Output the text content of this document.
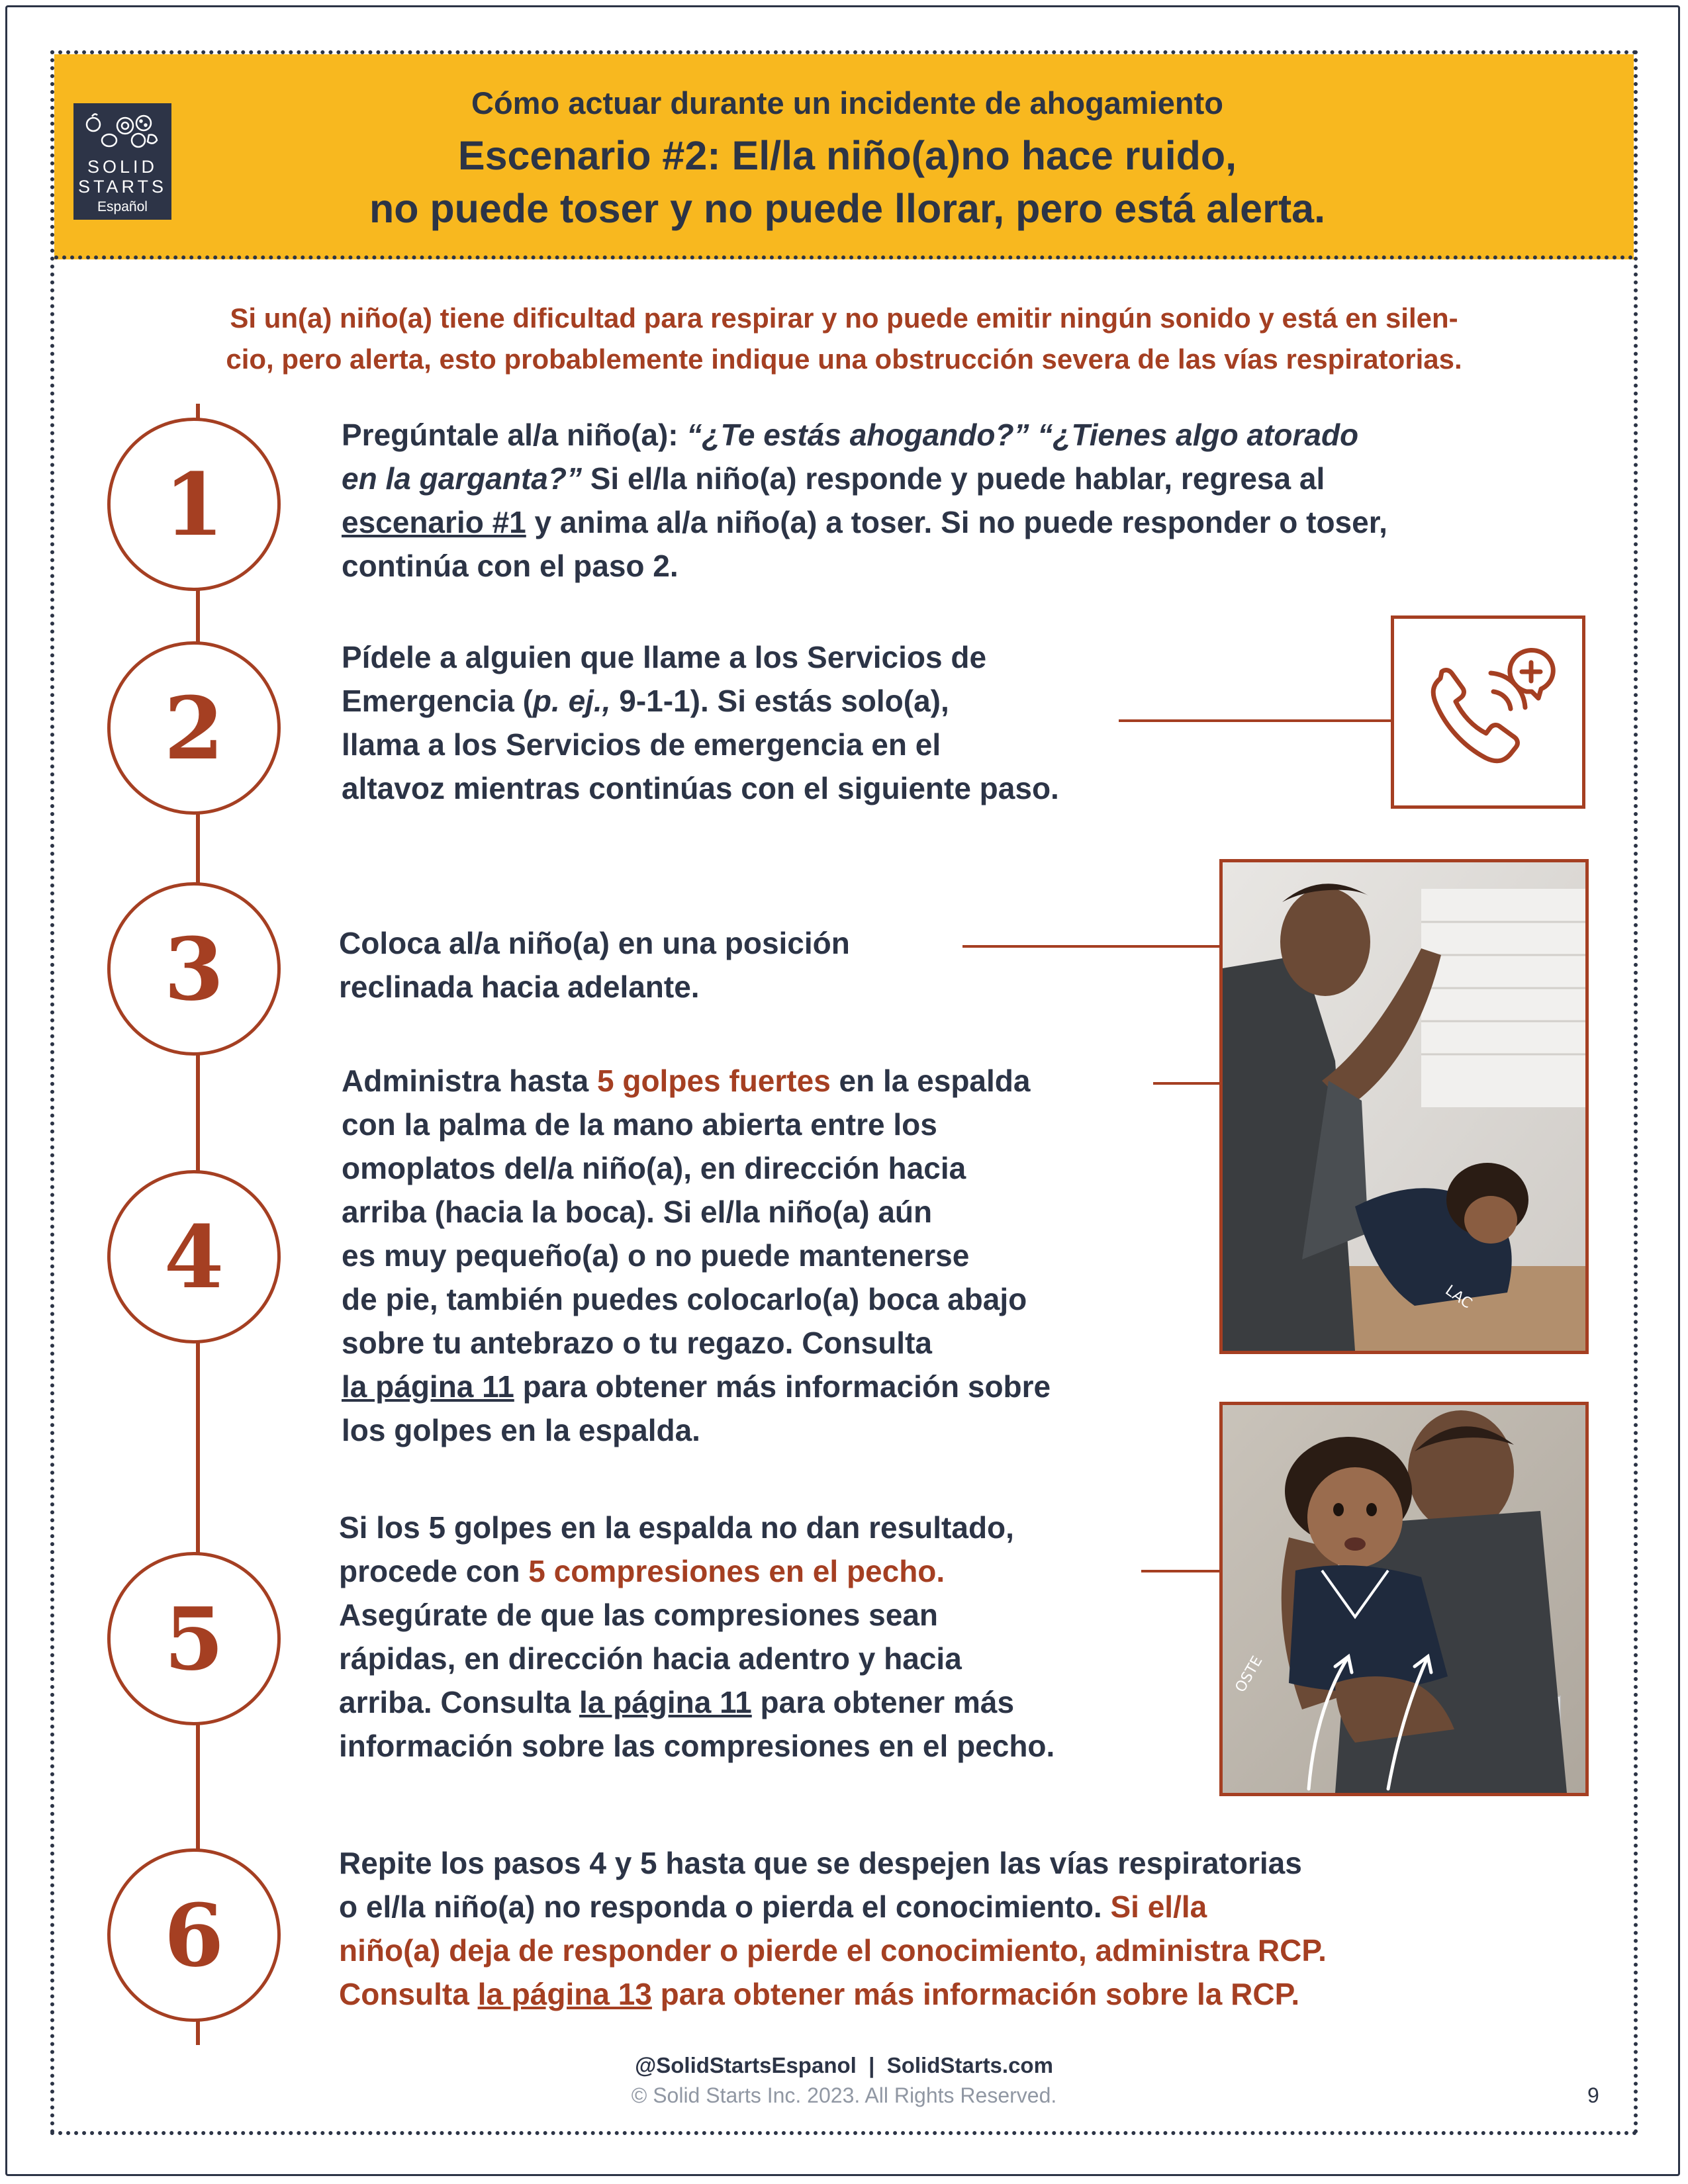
SOLID
STARTS
Español
Cómo actuar durante un incidente de ahogamiento
Escenario #2: El/la niño(a)no hace ruido,
no puede toser y no puede llorar, pero está alerta.
Si un(a) niño(a) tiene dificultad para respirar y no puede emitir ningún sonido y está en silen-
cio, pero alerta, esto probablemente indique una obstrucción severa de las vías respiratorias.
1
2
3
4
5
6
Pregúntale al/a niño(a): “¿Te estás ahogando?” “¿Tienes algo atorado
en la garganta?” Si el/la niño(a) responde y puede hablar, regresa al
escenario #1 y anima al/a niño(a) a toser. Si no puede responder o toser,
continúa con el paso 2.
Pídele a alguien que llame a los Servicios de
Emergencia (p. ej., 9-1-1). Si estás solo(a),
llama a los Servicios de emergencia en el
altavoz mientras continúas con el siguiente paso.
Coloca al/a niño(a) en una posición
reclinada hacia adelante.
Administra hasta 5 golpes fuertes en la espalda
con la palma de la mano abierta entre los
omoplatos del/a niño(a), en dirección hacia
arriba (hacia la boca). Si el/la niño(a) aún
es muy pequeño(a) o no puede mantenerse
de pie, también puedes colocarlo(a) boca abajo
sobre tu antebrazo o tu regazo. Consulta
la página 11 para obtener más información sobre
los golpes en la espalda.
LAC
Si los 5 golpes en la espalda no dan resultado,
procede con 5 compresiones en el pecho.
Asegúrate de que las compresiones sean
rápidas, en dirección hacia adentro y hacia
arriba. Consulta la página 11 para obtener más
información sobre las compresiones en el pecho.
OSTE
Repite los pasos 4 y 5 hasta que se despejen las vías respiratorias
o el/la niño(a) no responda o pierda el conocimiento. Si el/la
niño(a) deja de responder o pierde el conocimiento, administra RCP.
Consulta la página 13 para obtener más información sobre la RCP.
@SolidStartsEspanol  |  SolidStarts.com
© Solid Starts Inc. 2023. All Rights Reserved.	9
